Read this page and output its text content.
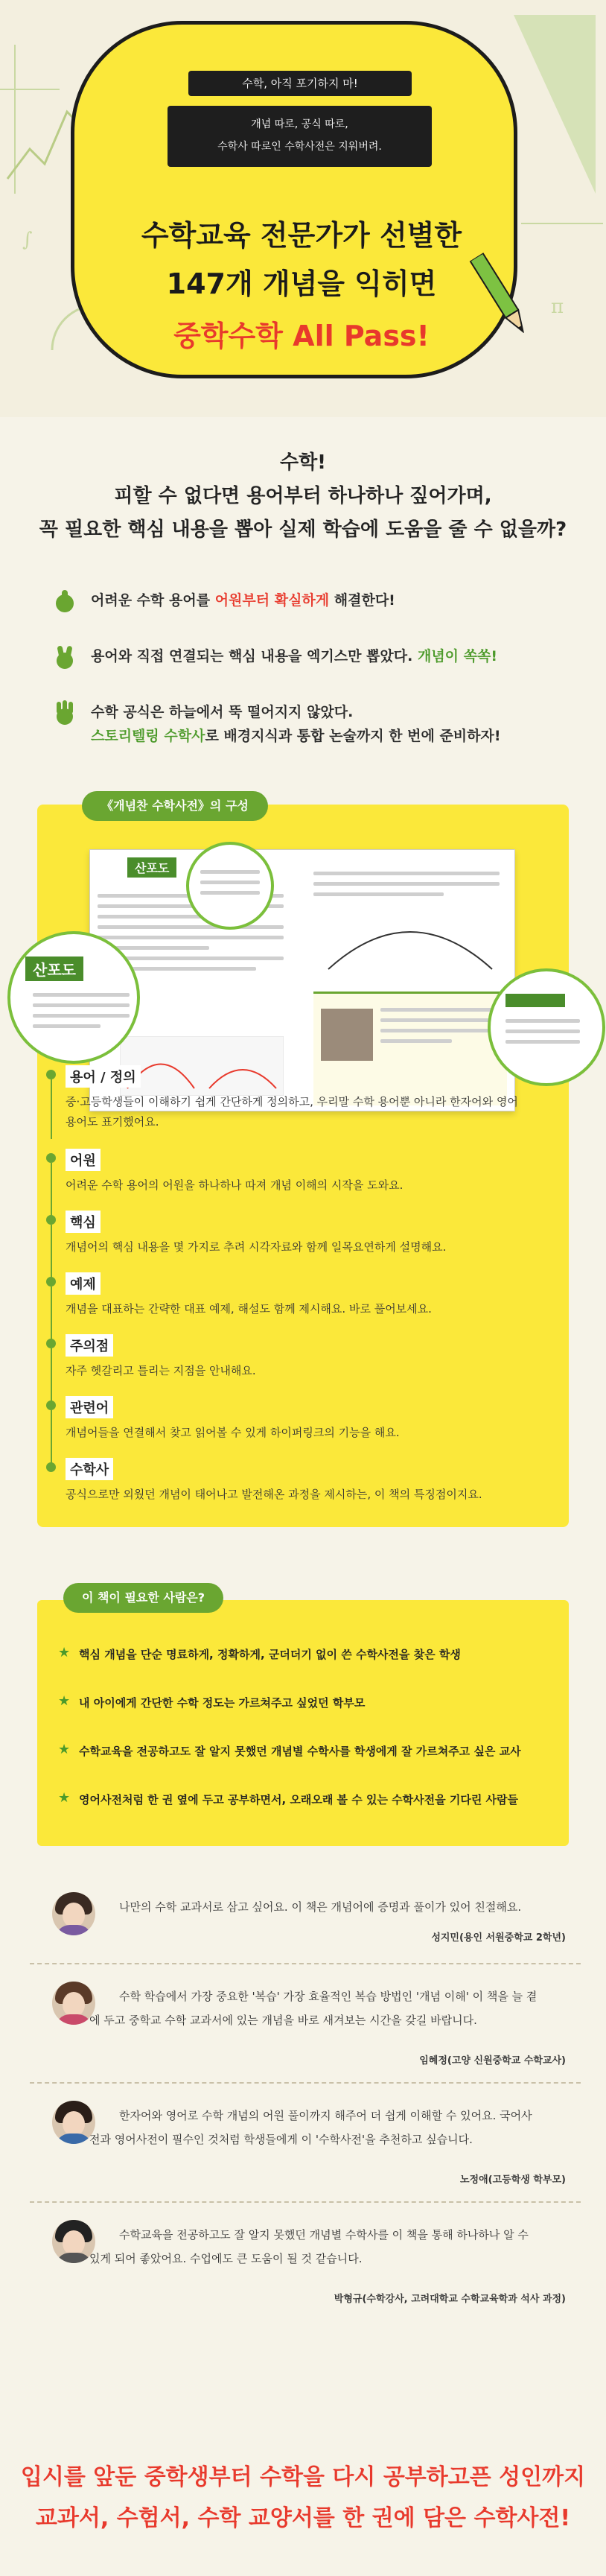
∫
π
수학, 아직 포기하지 마!
개념 따로, 공식 따로,
수학사 따로인 수학사전은 지워버려.
수학교육 전문가가 선별한
147개 개념을 익히면
중학수학 All Pass!
수학!
피할 수 없다면 용어부터 하나하나 짚어가며,
꼭 필요한 핵심 내용을 뽑아 실제 학습에 도움을 줄 수 없을까?
어려운 수학 용어를 어원부터 확실하게 해결한다!
용어와 직접 연결되는 핵심 내용을 엑기스만 뽑았다. 개념이 쏙쏙!
수학 공식은 하늘에서 뚝 떨어지지 않았다.
스토리텔링 수학사로 배경지식과 통합 논술까지 한 번에 준비하자!
《개념찬 수학사전》의 구성
산포도
산포도
용어 / 정의
중·고등학생들이 이해하기 쉽게 간단하게 정의하고, 우리말 수학 용어뿐 아니라 한자어와 영어 용어도 표기했어요.
어원
어려운 수학 용어의 어원을 하나하나 따져 개념 이해의 시작을 도와요.
핵심
개념어의 핵심 내용을 몇 가지로 추려 시각자료와 함께 일목요연하게 설명해요.
예제
개념을 대표하는 간략한 대표 예제, 해설도 함께 제시해요. 바로 풀어보세요.
주의점
자주 헷갈리고 틀리는 지점을 안내해요.
관련어
개념어들을 연결해서 찾고 읽어볼 수 있게 하이퍼링크의 기능을 해요.
수학사
공식으로만 외웠던 개념이 태어나고 발전해온 과정을 제시하는, 이 책의 특징점이지요.
이 책이 필요한 사람은?
★ 핵심 개념을 단순 명료하게, 정확하게, 군더더기 없이 쓴 수학사전을 찾은 학생
★ 내 아이에게 간단한 수학 정도는 가르쳐주고 싶었던 학부모
★ 수학교육을 전공하고도 잘 알지 못했던 개념별 수학사를 학생에게 잘 가르쳐주고 싶은 교사
★ 영어사전처럼 한 권 옆에 두고 공부하면서, 오래오래 볼 수 있는 수학사전을 기다린 사람들
나만의 수학 교과서로 삼고 싶어요. 이 책은 개념어에 증명과 풀이가 있어 친절해요.
성지민(용인 서원중학교 2학년)
수학 학습에서 가장 중요한 '복습' 가장 효율적인 복습 방법인 '개념 이해' 이 책을 늘 곁
에 두고 중학교 수학 교과서에 있는 개념을 바로 새겨보는 시간을 갖길 바랍니다.
임혜정(고양 신원중학교 수학교사)
한자어와 영어로 수학 개념의 어원 풀이까지 해주어 더 쉽게 이해할 수 있어요. 국어사
전과 영어사전이 필수인 것처럼 학생들에게 이 '수학사전'을 추천하고 싶습니다.
노정애(고등학생 학부모)
수학교육을 전공하고도 잘 알지 못했던 개념별 수학사를 이 책을 통해 하나하나 알 수
있게 되어 좋았어요. 수업에도 큰 도움이 될 것 같습니다.
박형규(수학강사, 고려대학교 수학교육학과 석사 과정)
입시를 앞둔 중학생부터 수학을 다시 공부하고픈 성인까지
교과서, 수험서, 수학 교양서를 한 권에 담은 수학사전!
